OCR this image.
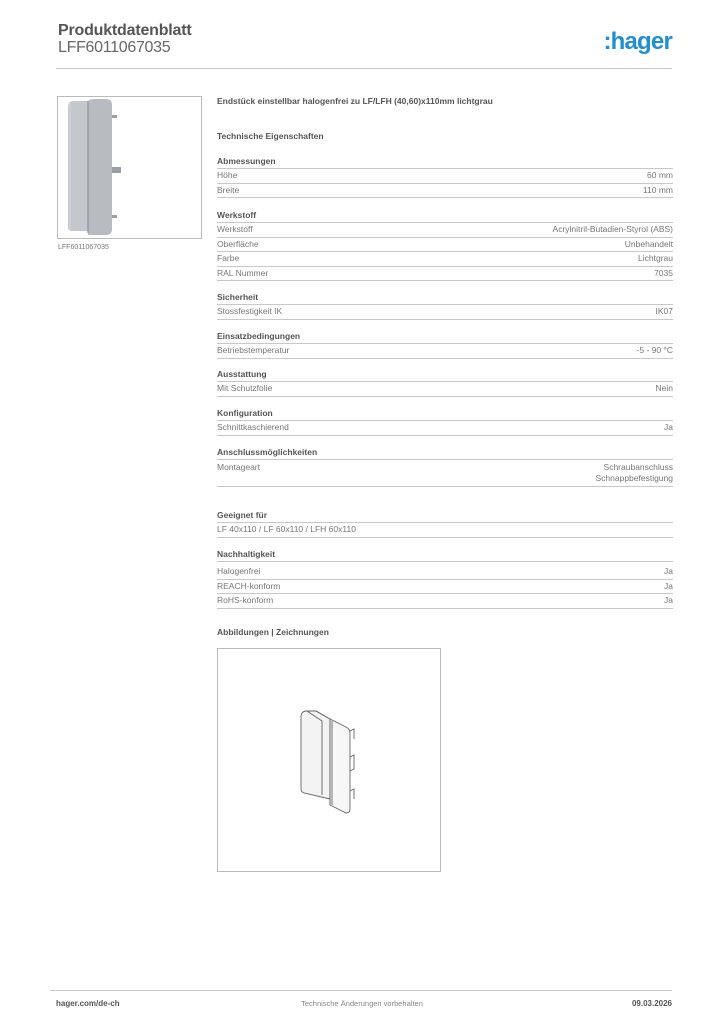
Produktdatenblatt
LFF6011067035	:hager
LFF6011067035
Endstück einstellbar halogenfrei zu LF/LFH (40,60)x110mm lichtgrau
Technische Eigenschaften
Abmessungen
Höhe	60 mm
Breite	110 mm
Werkstoff
Werkstoff	Acrylnitril-Butadien-Styrol (ABS)
Oberfläche	Unbehandelt
Farbe	Lichtgrau
RAL Nummer	7035
Sicherheit
Stossfestigkeit IK	IK07
Einsatzbedingungen
Betriebstemperatur	-5 - 90 °C
Ausstattung
Mit Schutzfolie	Nein
Konfiguration
Schnittkaschierend	Ja
Anschlussmöglichkeiten
Montageart	Schraubanschluss
Schnappbefestigung
Geeignet für
LF 40x110 / LF 60x110 / LFH 60x110
Nachhaltigkeit
Halogenfrei	Ja
REACH-konform	Ja
RoHS-konform	Ja
Abbildungen | Zeichnungen
hager.com/de-ch	Technische Änderungen vorbehalten	09.03.2026
